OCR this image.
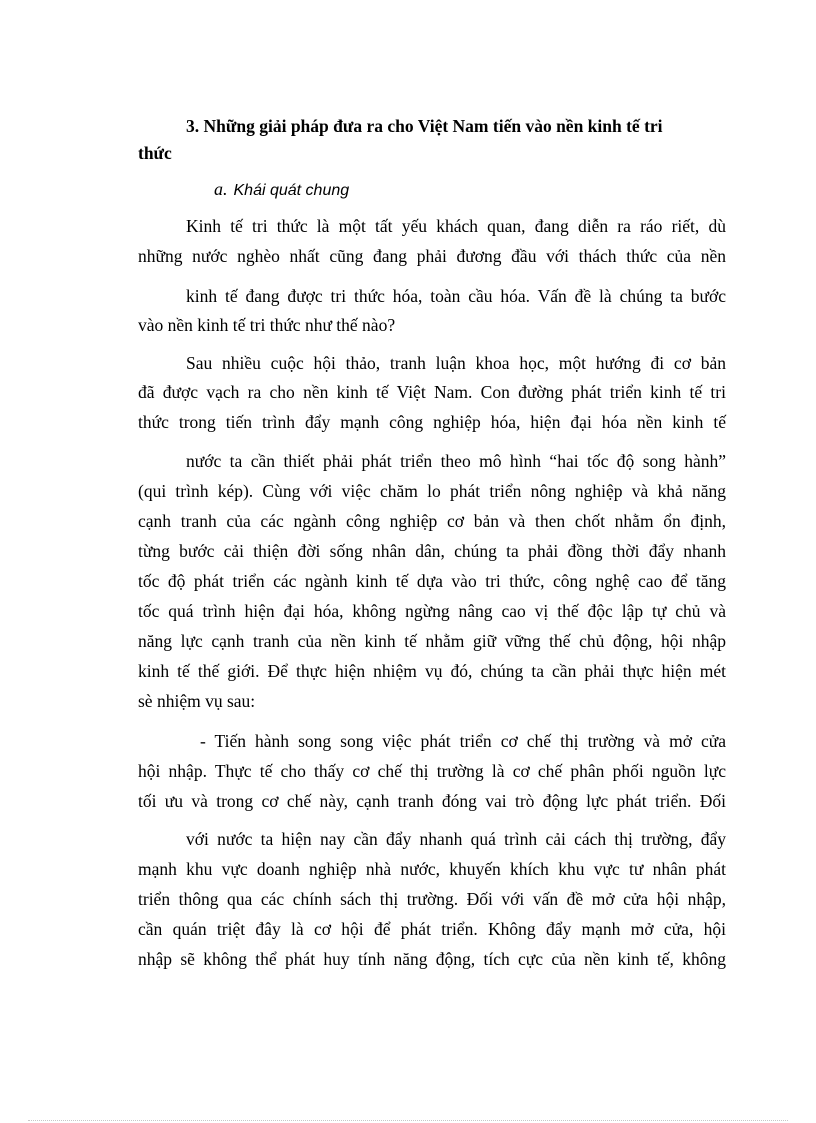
3. Những giải pháp đưa ra cho Việt Nam tiến vào nền kinh tế tri
thức
a. Khái quát chung
Kinh tế tri thức là một tất yếu khách quan, đang diễn ra ráo riết, dù
những nước nghèo nhất cũng đang phải đương đầu với thách thức của nền
kinh tế đang được tri thức hóa, toàn cầu hóa. Vấn đề là chúng ta bước
vào nền kinh tế tri thức như thế nào?
Sau nhiều cuộc hội thảo, tranh luận khoa học, một hướng đi cơ bản
đã được vạch ra cho nền kinh tế Việt Nam. Con đường phát triển kinh tế tri
thức trong tiến trình đẩy mạnh công nghiệp hóa, hiện đại hóa nền kinh tế
nước ta cần thiết phải phát triển theo mô hình “hai tốc độ song hành”
(qui trình kép). Cùng với việc chăm lo phát triển nông nghiệp và khả năng
cạnh tranh của các ngành công nghiệp cơ bản và then chốt nhằm ổn định,
từng bước cải thiện đời sống nhân dân, chúng ta phải đồng thời đẩy nhanh
tốc độ phát triển các ngành kinh tế dựa vào tri thức, công nghệ cao để tăng
tốc quá trình hiện đại hóa, không ngừng nâng cao vị thế độc lập tự chủ và
năng lực cạnh tranh của nền kinh tế nhằm giữ vững thế chủ động, hội nhập
kinh tế thế giới. Để thực hiện nhiệm vụ đó, chúng ta cần phải thực hiện mét
sè nhiệm vụ sau:
- Tiến hành song song việc phát triển cơ chế thị trường và mở cửa
hội nhập. Thực tế cho thấy cơ chế thị trường là cơ chế phân phối nguồn lực
tối ưu và trong cơ chế này, cạnh tranh đóng vai trò động lực phát triển. Đối
với nước ta hiện nay cần đẩy nhanh quá trình cải cách thị trường, đẩy
mạnh khu vực doanh nghiệp nhà nước, khuyến khích khu vực tư nhân phát
triển thông qua các chính sách thị trường. Đối với vấn đề mở cửa hội nhập,
cần quán triệt đây là cơ hội để phát triển. Không đẩy mạnh mở cửa, hội
nhập sẽ không thể phát huy tính năng động, tích cực của nền kinh tế, không
